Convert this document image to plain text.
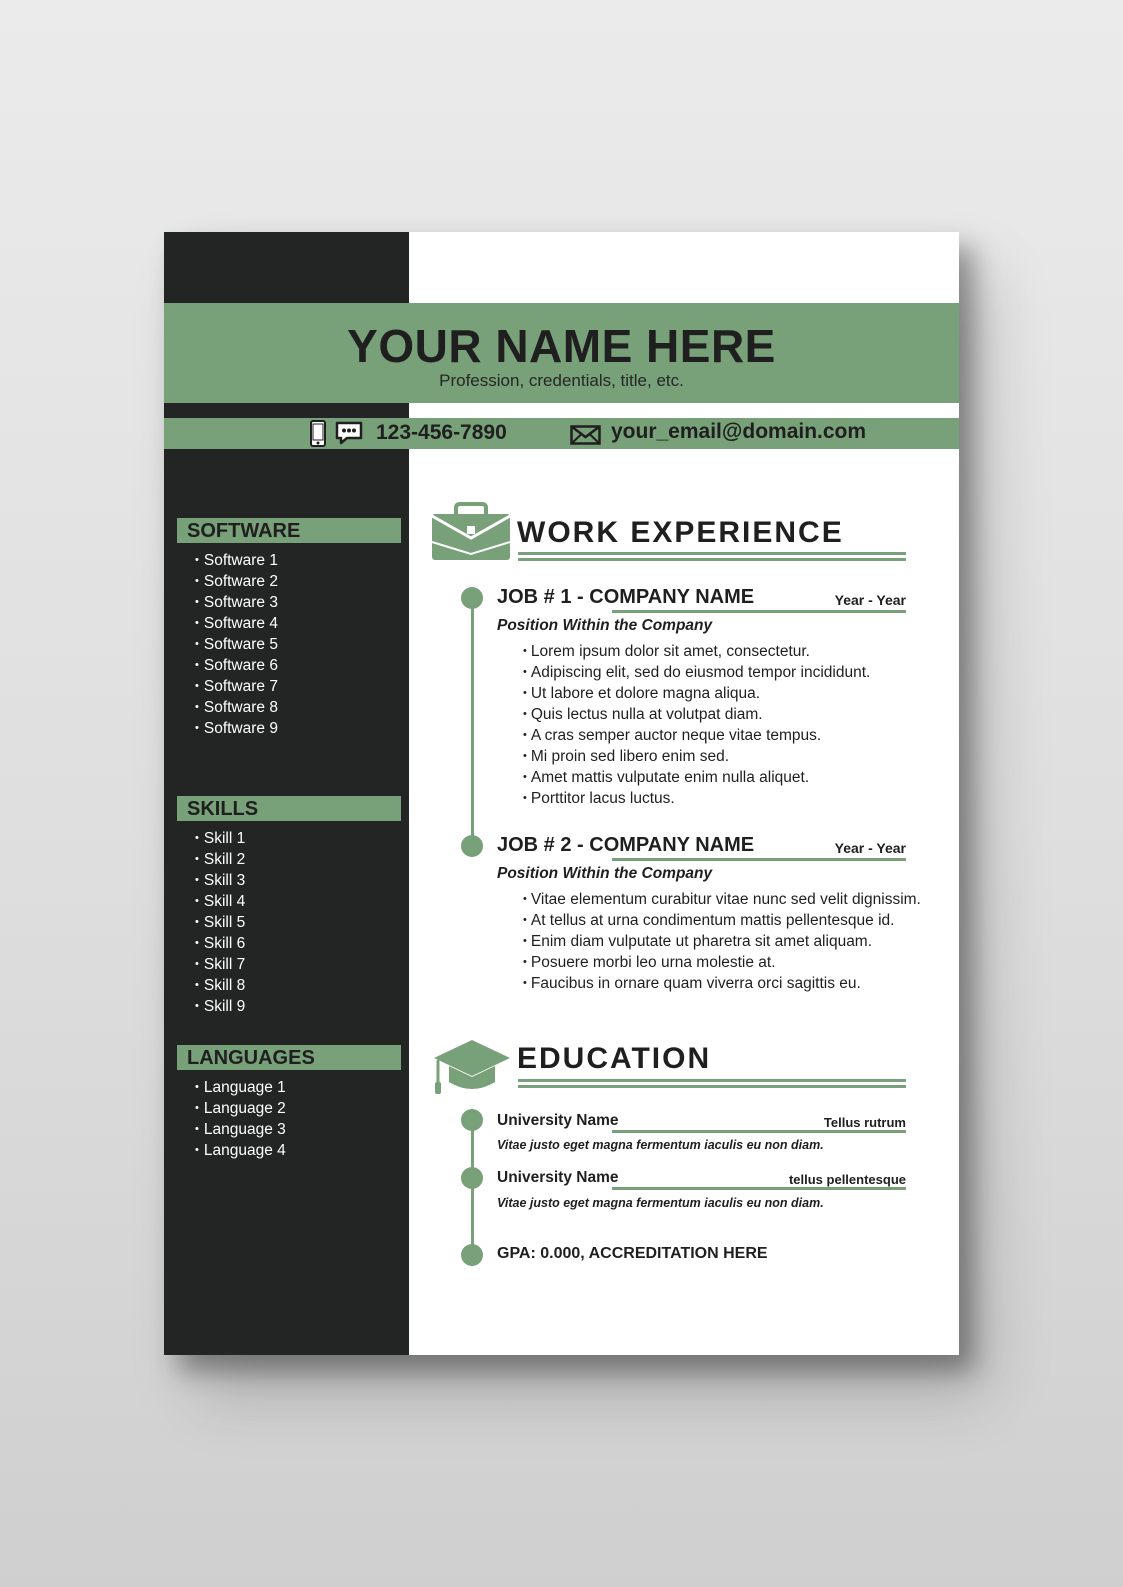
YOUR NAME HERE
Profession, credentials, title, etc.
123-456-7890	your_email@domain.com
SOFTWARE
• Software 1
• Software 2
• Software 3
• Software 4
• Software 5
• Software 6
• Software 7
• Software 8
• Software 9
SKILLS
• Skill 1
• Skill 2
• Skill 3
• Skill 4
• Skill 5
• Skill 6
• Skill 7
• Skill 8
• Skill 9
LANGUAGES
• Language 1
• Language 2
• Language 3
• Language 4
WORK EXPERIENCE
JOB # 1 - COMPANY NAME	Year - Year
Position Within the Company
• Lorem ipsum dolor sit amet, consectetur.
• Adipiscing elit, sed do eiusmod tempor incididunt.
• Ut labore et dolore magna aliqua.
• Quis lectus nulla at volutpat diam.
• A cras semper auctor neque vitae tempus.
• Mi proin sed libero enim sed.
• Amet mattis vulputate enim nulla aliquet.
• Porttitor lacus luctus.
JOB # 2 - COMPANY NAME	Year - Year
Position Within the Company
• Vitae elementum curabitur vitae nunc sed velit dignissim.
• At tellus at urna condimentum mattis pellentesque id.
• Enim diam vulputate ut pharetra sit amet aliquam.
• Posuere morbi leo urna molestie at.
• Faucibus in ornare quam viverra orci sagittis eu.
EDUCATION
University Name	Tellus rutrum
Vitae justo eget magna fermentum iaculis eu non diam.
University Name	tellus pellentesque
Vitae justo eget magna fermentum iaculis eu non diam.
GPA: 0.000, ACCREDITATION HERE
